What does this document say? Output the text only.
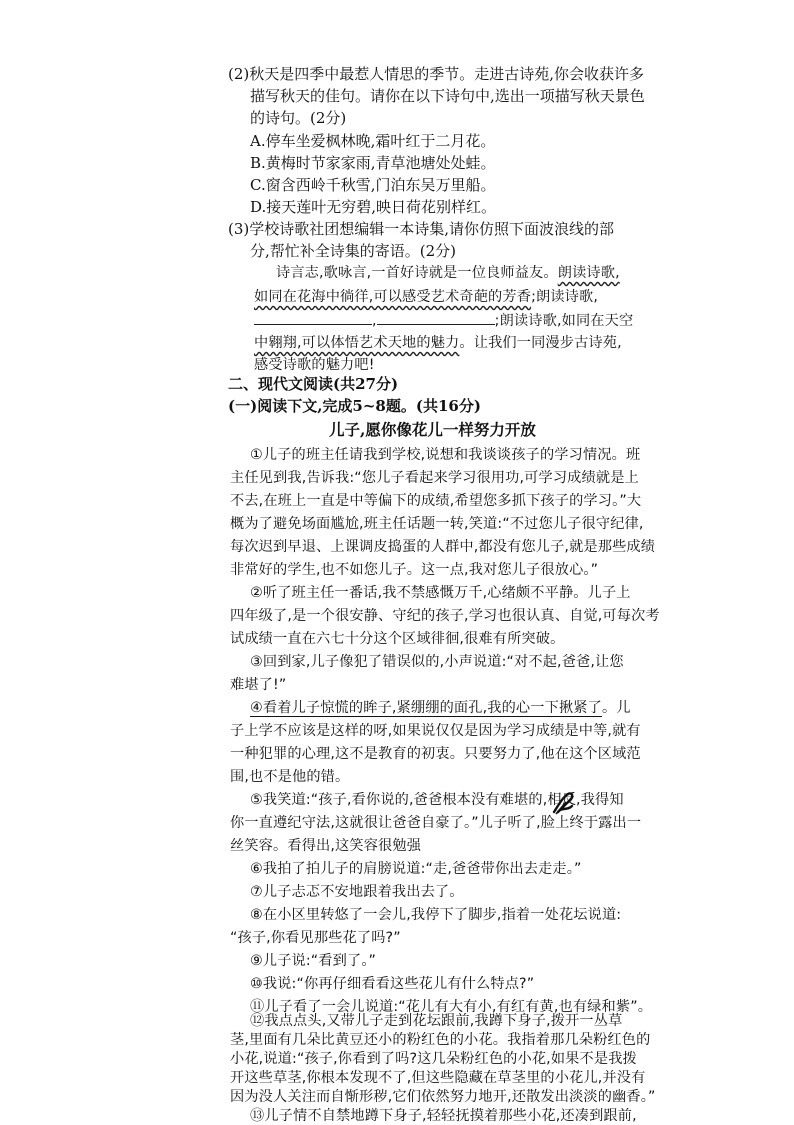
(2)秋天是四季中最惹人情思的季节。走进古诗苑,你会收获许多
描写秋天的佳句。请你在以下诗句中,选出一项描写秋天景色
的诗句。(2分)
A.停车坐爱枫林晚,霜叶红于二月花。
B.黄梅时节家家雨,青草池塘处处蛙。
C.窗含西岭千秋雪,门泊东吴万里船。
D.接天莲叶无穷碧,映日荷花别样红。
(3)学校诗歌社团想编辑一本诗集,请你仿照下面波浪线的部
分,帮忙补全诗集的寄语。(2分)
诗言志,歌咏言,一首好诗就是一位良师益友。朗读诗歌,
如同在花海中徜徉,可以感受艺术奇葩的芳香;朗读诗歌,
,	;朗读诗歌,如同在天空
中翱翔,可以体悟艺术天地的魅力。让我们一同漫步古诗苑,
感受诗歌的魅力吧!
二、现代文阅读(共27分)
(一)阅读下文,完成5~8题。(共16分)
儿子,愿你像花儿一样努力开放
①儿子的班主任请我到学校,说想和我谈谈孩子的学习情况。班
主任见到我,告诉我:“您儿子看起来学习很用功,可学习成绩就是上
不去,在班上一直是中等偏下的成绩,希望您多抓下孩子的学习。”大
概为了避免场面尴尬,班主任话题一转,笑道:“不过您儿子很守纪律,
每次迟到早退、上课调皮捣蛋的人群中,都没有您儿子,就是那些成绩
非常好的学生,也不如您儿子。这一点,我对您儿子很放心。”
②听了班主任一番话,我不禁感慨万千,心绪颇不平静。儿子上
四年级了,是一个很安静、守纪的孩子,学习也很认真、自觉,可每次考
试成绩一直在六七十分这个区域徘徊,很难有所突破。
③回到家,儿子像犯了错误似的,小声说道:“对不起,爸爸,让您
难堪了!”
④看着儿子惊慌的眸子,紧绷绷的面孔,我的心一下揪紧了。儿
子上学不应该是这样的呀,如果说仅仅是因为学习成绩是中等,就有
一种犯罪的心理,这不是教育的初衷。只要努力了,他在这个区域范
围,也不是他的错。
⑤我笑道:“孩子,看你说的,爸爸根本没有难堪的,相反,我得知
你一直遵纪守法,这就很让爸爸自豪了。”儿子听了,脸上终于露出一
丝笑容。看得出,这笑容很勉强
⑥我拍了拍儿子的肩膀说道:“走,爸爸带你出去走走。”
⑦儿子忐忑不安地跟着我出去了。
⑧在小区里转悠了一会儿,我停下了脚步,指着一处花坛说道:
“孩子,你看见那些花了吗?”
⑨儿子说:“看到了。”
⑩我说:“你再仔细看看这些花儿有什么特点?”
⑪儿子看了一会儿说道:“花儿有大有小,有红有黄,也有绿和紫”。
⑫我点点头,又带儿子走到花坛跟前,我蹲下身子,拨开一丛草
茎,里面有几朵比黄豆还小的粉红色的小花。我指着那几朵粉红色的
小花,说道:“孩子,你看到了吗?这几朵粉红色的小花,如果不是我拨
开这些草茎,你根本发现不了,但这些隐藏在草茎里的小花儿,并没有
因为没人关注而自惭形秽,它们依然努力地开,还散发出淡淡的幽香。”
⑬儿子情不自禁地蹲下身子,轻轻抚摸着那些小花,还凑到跟前,
